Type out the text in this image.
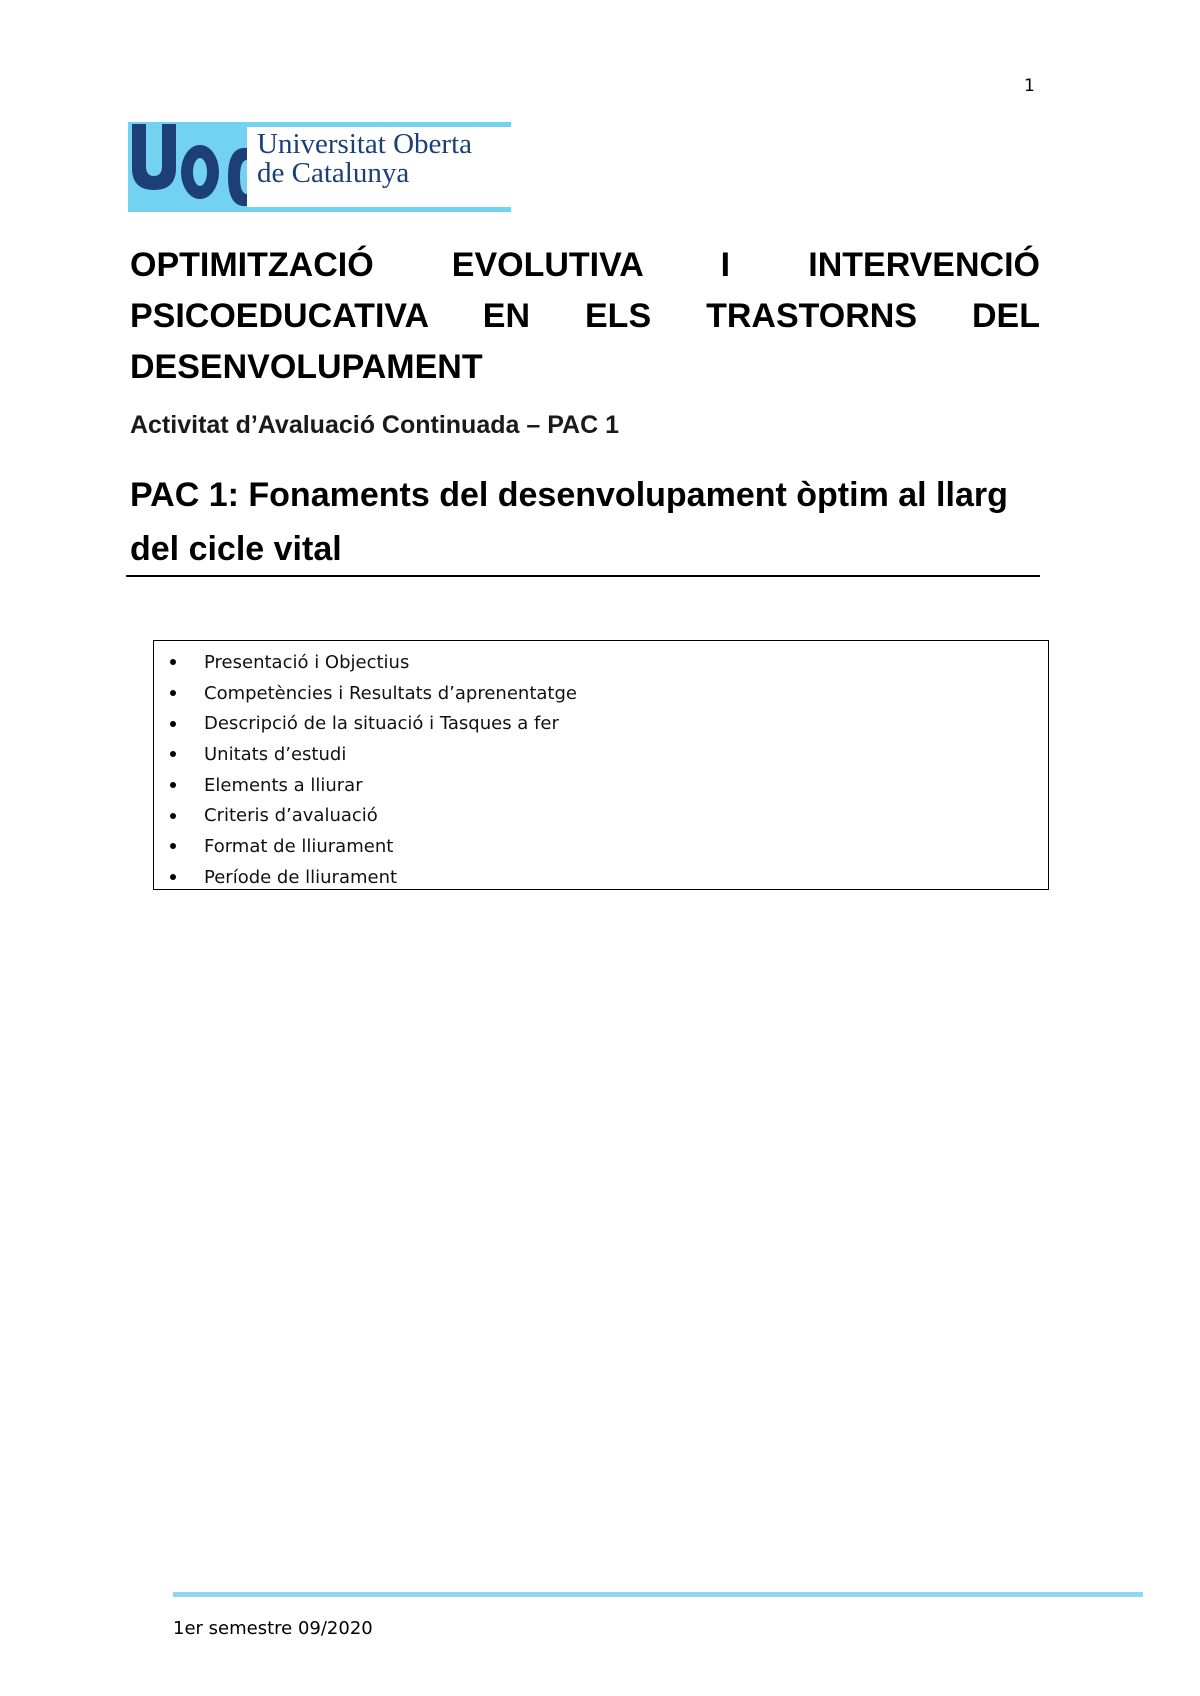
1
Universitat Oberta
de Catalunya
OPTIMITZACIÓ EVOLUTIVA I INTERVENCIÓ PSICOEDUCATIVA EN ELS TRASTORNS DEL DESENVOLUPAMENT
Activitat d’Avaluació Continuada – PAC 1
PAC 1: Fonaments del desenvolupament òptim al llarg del cicle vital
Presentació i Objectius
Competències i Resultats d’aprenentatge
Descripció de la situació i Tasques a fer
Unitats d’estudi
Elements a lliurar
Criteris d’avaluació
Format de lliurament
Període de lliurament
1er semestre 09/2020
